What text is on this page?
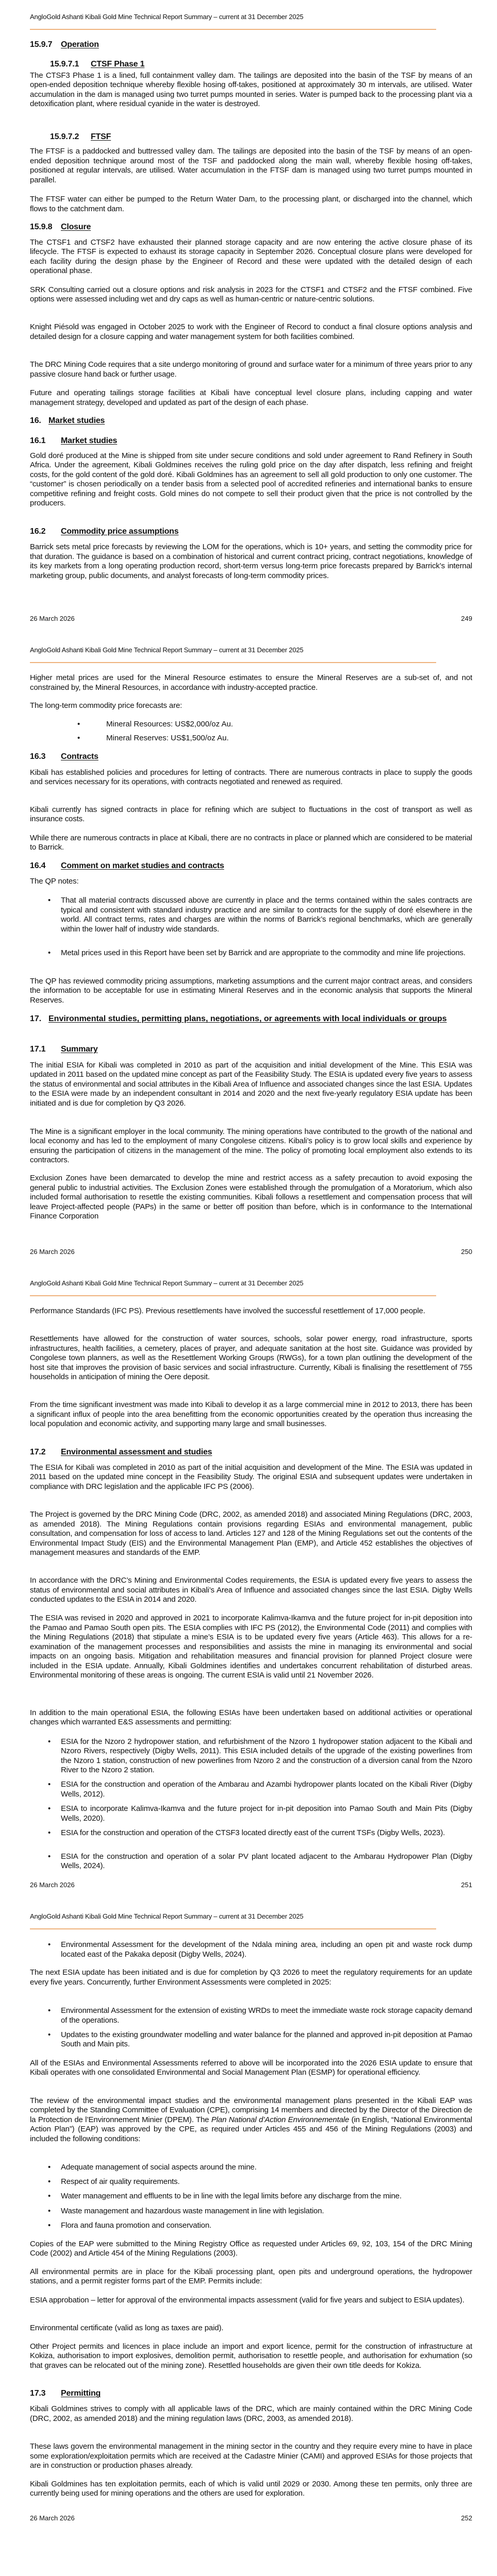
AngloGold Ashanti Kibali Gold Mine Technical Report Summary – current at 31 December 2025
15.9.7 Operation
15.9.7.1 CTSF Phase 1

The CTSF3 Phase 1 is a lined, full containment valley dam. The tailings are deposited into the basin of the TSF by means of an open-ended deposition technique whereby flexible hosing off-takes, positioned at approximately 30 m intervals, are utilised. Water accumulation in the dam is managed using two turret pumps mounted in series. Water is pumped back to the processing plant via a detoxification plant, where residual cyanide in the water is destroyed.

15.9.7.2 FTSF

The FTSF is a paddocked and buttressed valley dam. The tailings are deposited into the basin of the TSF by means of an open-ended deposition technique around most of the TSF and paddocked along the main wall, whereby flexible hosing off-takes, positioned at regular intervals, are utilised. Water accumulation in the FTSF dam is managed using two turret pumps mounted in parallel.

The FTSF water can either be pumped to the Return Water Dam, to the processing plant, or discharged into the channel, which flows to the catchment dam.

15.9.8 Closure

The CTSF1 and CTSF2 have exhausted their planned storage capacity and are now entering the active closure phase of its lifecycle. The FTSF is expected to exhaust its storage capacity in September 2026. Conceptual closure plans were developed for each facility during the design phase by the Engineer of Record and these were updated with the detailed design of each operational phase.

SRK Consulting carried out a closure options and risk analysis in 2023 for the CTSF1 and CTSF2 and the FTSF combined. Five options were assessed including wet and dry caps as well as human-centric or nature-centric solutions.

Knight Piésold was engaged in October 2025 to work with the Engineer of Record to conduct a final closure options analysis and detailed design for a closure capping and water management system for both facilities combined.

The DRC Mining Code requires that a site undergo monitoring of ground and surface water for a minimum of three years prior to any passive closure hand back or further usage.

Future and operating tailings storage facilities at Kibali have conceptual level closure plans, including capping and water management strategy, developed and updated as part of the design of each phase.

16. Market studies
16.1 Market studies

Gold doré produced at the Mine is shipped from site under secure conditions and sold under agreement to Rand Refinery in South Africa. Under the agreement, Kibali Goldmines receives the ruling gold price on the day after dispatch, less refining and freight costs, for the gold content of the gold doré. Kibali Goldmines has an agreement to sell all gold production to only one customer. The “customer” is chosen periodically on a tender basis from a selected pool of accredited refineries and international banks to ensure competitive refining and freight costs. Gold mines do not compete to sell their product given that the price is not controlled by the producers.

16.2 Commodity price assumptions

Barrick sets metal price forecasts by reviewing the LOM for the operations, which is 10+ years, and setting the commodity price for that duration. The guidance is based on a combination of historical and current contract pricing, contract negotiations, knowledge of its key markets from a long operating production record, short-term versus long-term price forecasts prepared by Barrick’s internal marketing group, public documents, and analyst forecasts of long-term commodity prices.

26 March 2026	249
AngloGold Ashanti Kibali Gold Mine Technical Report Summary – current at 31 December 2025

Higher metal prices are used for the Mineral Resource estimates to ensure the Mineral Reserves are a sub-set of, and not constrained by, the Mineral Resources, in accordance with industry-accepted practice.

The long-term commodity price forecasts are:

•	Mineral Resources: US$2,000/oz Au.
•	Mineral Reserves: US$1,500/oz Au.
16.3 Contracts

Kibali has established policies and procedures for letting of contracts. There are numerous contracts in place to supply the goods and services necessary for its operations, with contracts negotiated and renewed as required.

Kibali currently has signed contracts in place for refining which are subject to fluctuations in the cost of transport as well as insurance costs.

While there are numerous contracts in place at Kibali, there are no contracts in place or planned which are considered to be material to Barrick.

16.4 Comment on market studies and contracts

The QP notes:

• That all material contracts discussed above are currently in place and the terms contained within the sales contracts are typical and consistent with standard industry practice and are similar to contracts for the supply of doré elsewhere in the world. All contract terms, rates and charges are within the norms of Barrick’s regional benchmarks, which are generally within the lower half of industry wide standards.
• Metal prices used in this Report have been set by Barrick and are appropriate to the commodity and mine life projections.

The QP has reviewed commodity pricing assumptions, marketing assumptions and the current major contract areas, and considers the information to be acceptable for use in estimating Mineral Reserves and in the economic analysis that supports the Mineral Reserves.

17. Environmental studies, permitting plans, negotiations, or agreements with local individuals or groups
17.1 Summary

The initial ESIA for Kibali was completed in 2010 as part of the acquisition and initial development of the Mine. This ESIA was updated in 2011 based on the updated mine concept as part of the Feasibility Study. The ESIA is updated every five years to assess the status of environmental and social attributes in the Kibali Area of Influence and associated changes since the last ESIA. Updates to the ESIA were made by an independent consultant in 2014 and 2020 and the next five-yearly regulatory ESIA update has been initiated and is due for completion by Q3 2026.

The Mine is a significant employer in the local community. The mining operations have contributed to the growth of the national and local economy and has led to the employment of many Congolese citizens. Kibali’s policy is to grow local skills and experience by ensuring the participation of citizens in the management of the mine. The policy of promoting local employment also extends to its contractors.

Exclusion Zones have been demarcated to develop the mine and restrict access as a safety precaution to avoid exposing the general public to industrial activities. The Exclusion Zones were established through the promulgation of a Moratorium, which also included formal authorisation to resettle the existing communities. Kibali follows a resettlement and compensation process that will leave Project-affected people (PAPs) in the same or better off position than before, which is in conformance to the International Finance Corporation

26 March 2026	250
AngloGold Ashanti Kibali Gold Mine Technical Report Summary – current at 31 December 2025

Performance Standards (IFC PS). Previous resettlements have involved the successful resettlement of 17,000 people.

Resettlements have allowed for the construction of water sources, schools, solar power energy, road infrastructure, sports infrastructures, health facilities, a cemetery, places of prayer, and adequate sanitation at the host site. Guidance was provided by Congolese town planners, as well as the Resettlement Working Groups (RWGs), for a town plan outlining the development of the host site that improves the provision of basic services and social infrastructure. Currently, Kibali is finalising the resettlement of 755 households in anticipation of mining the Oere deposit.

From the time significant investment was made into Kibali to develop it as a large commercial mine in 2012 to 2013, there has been a significant influx of people into the area benefitting from the economic opportunities created by the operation thus increasing the local population and economic activity, and supporting many large and small businesses.

17.2 Environmental assessment and studies

The ESIA for Kibali was completed in 2010 as part of the initial acquisition and development of the Mine. The ESIA was updated in 2011 based on the updated mine concept in the Feasibility Study. The original ESIA and subsequent updates were undertaken in compliance with DRC legislation and the applicable IFC PS (2006).

The Project is governed by the DRC Mining Code (DRC, 2002, as amended 2018) and associated Mining Regulations (DRC, 2003, as amended 2018). The Mining Regulations contain provisions regarding ESIAs and environmental management, public consultation, and compensation for loss of access to land. Articles 127 and 128 of the Mining Regulations set out the contents of the Environmental Impact Study (EIS) and the Environmental Management Plan (EMP), and Article 452 establishes the objectives of management measures and standards of the EMP.

In accordance with the DRC’s Mining and Environmental Codes requirements, the ESIA is updated every five years to assess the status of environmental and social attributes in Kibali’s Area of Influence and associated changes since the last ESIA. Digby Wells conducted updates to the ESIA in 2014 and 2020.

The ESIA was revised in 2020 and approved in 2021 to incorporate Kalimva-Ikamva and the future project for in-pit deposition into the Pamao and Pamao South open pits. The ESIA complies with IFC PS (2012), the Environmental Code (2011) and complies with the Mining Regulations (2018) that stipulate a mine’s ESIA is to be updated every five years (Article 463). This allows for a re-examination of the management processes and responsibilities and assists the mine in managing its environmental and social impacts on an ongoing basis. Mitigation and rehabilitation measures and financial provision for planned Project closure were included in the ESIA update. Annually, Kibali Goldmines identifies and undertakes concurrent rehabilitation of disturbed areas. Environmental monitoring of these areas is ongoing. The current ESIA is valid until 21 November 2026.

In addition to the main operational ESIA, the following ESIAs have been undertaken based on additional activities or operational changes which warranted E&S assessments and permitting:

• ESIA for the Nzoro 2 hydropower station, and refurbishment of the Nzoro 1 hydropower station adjacent to the Kibali and Nzoro Rivers, respectively (Digby Wells, 2011). This ESIA included details of the upgrade of the existing powerlines from the Nzoro 1 station, construction of new powerlines from Nzoro 2 and the construction of a diversion canal from the Nzoro River to the Nzoro 2 station.
• ESIA for the construction and operation of the Ambarau and Azambi hydropower plants located on the Kibali River (Digby Wells, 2012).
• ESIA to incorporate Kalimva-Ikamva and the future project for in-pit deposition into Pamao South and Main Pits (Digby Wells, 2020).
• ESIA for the construction and operation of the CTSF3 located directly east of the current TSFs (Digby Wells, 2023).
• ESIA for the construction and operation of a solar PV plant located adjacent to the Ambarau Hydropower Plan (Digby Wells, 2024).
26 March 2026	251
AngloGold Ashanti Kibali Gold Mine Technical Report Summary – current at 31 December 2025
• Environmental Assessment for the development of the Ndala mining area, including an open pit and waste rock dump located east of the Pakaka deposit (Digby Wells, 2024).

The next ESIA update has been initiated and is due for completion by Q3 2026 to meet the regulatory requirements for an update every five years. Concurrently, further Environment Assessments were completed in 2025:

• Environmental Assessment for the extension of existing WRDs to meet the immediate waste rock storage capacity demand of the operations.
• Updates to the existing groundwater modelling and water balance for the planned and approved in-pit deposition at Pamao South and Main pits.

All of the ESIAs and Environmental Assessments referred to above will be incorporated into the 2026 ESIA update to ensure that Kibali operates with one consolidated Environmental and Social Management Plan (ESMP) for operational efficiency.

The review of the environmental impact studies and the environmental management plans presented in the Kibali EAP was completed by the Standing Committee of Evaluation (CPE), comprising 14 members and directed by the Director of the Direction de la Protection de l’Environnement Minier (DPEM). The Plan National d’Action Environnementale (in English, “National Environmental Action Plan”) (EAP) was approved by the CPE, as required under Articles 455 and 456 of the Mining Regulations (2003) and included the following conditions:

• Adequate management of social aspects around the mine.
• Respect of air quality requirements.
• Water management and effluents to be in line with the legal limits before any discharge from the mine.
• Waste management and hazardous waste management in line with legislation.
• Flora and fauna promotion and conservation.

Copies of the EAP were submitted to the Mining Registry Office as requested under Articles 69, 92, 103, 154 of the DRC Mining Code (2002) and Article 454 of the Mining Regulations (2003).

All environmental permits are in place for the Kibali processing plant, open pits and underground operations, the hydropower stations, and a permit register forms part of the EMP. Permits include:

ESIA approbation – letter for approval of the environmental impacts assessment (valid for five years and subject to ESIA updates).

Environmental certificate (valid as long as taxes are paid).

Other Project permits and licences in place include an import and export licence, permit for the construction of infrastructure at Kokiza, authorisation to import explosives, demolition permit, authorisation to resettle people, and authorisation for exhumation (so that graves can be relocated out of the mining zone). Resettled households are given their own title deeds for Kokiza.

17.3 Permitting

Kibali Goldmines strives to comply with all applicable laws of the DRC, which are mainly contained within the DRC Mining Code (DRC, 2002, as amended 2018) and the mining regulation laws (DRC, 2003, as amended 2018).

These laws govern the environmental management in the mining sector in the country and they require every mine to have in place some exploration/exploitation permits which are received at the Cadastre Minier (CAMI) and approved ESIAs for those projects that are in construction or production phases already.

Kibali Goldmines has ten exploitation permits, each of which is valid until 2029 or 2030. Among these ten permits, only three are currently being used for mining operations and the others are used for exploration.

26 March 2026	252
